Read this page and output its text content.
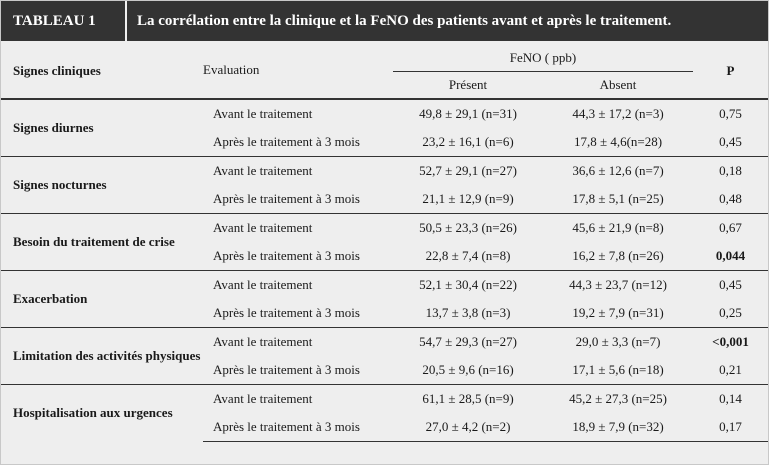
TABLEAU 1	La corrélation entre la clinique et la FeNO des patients avant et après le traitement.
Signes cliniques	Evaluation	FeNO ( ppb)		P
		Présent	Absent	
Signes diurnes	Avant le traitement	49,8 ± 29,1 (n=31)	44,3 ± 17,2 (n=3)	0,75
	Après le traitement à 3 mois	23,2 ± 16,1 (n=6)	17,8 ± 4,6(n=28)	0,45
Signes nocturnes	Avant le traitement	52,7 ± 29,1 (n=27)	36,6 ± 12,6 (n=7)	0,18
	Après le traitement à 3 mois	21,1 ± 12,9 (n=9)	17,8 ± 5,1 (n=25)	0,48
Besoin du traitement de crise	Avant le traitement	50,5 ± 23,3 (n=26)	45,6 ± 21,9 (n=8)	0,67
	Après le traitement à 3 mois	22,8 ± 7,4 (n=8)	16,2 ± 7,8 (n=26)	0,044
Exacerbation	Avant le traitement	52,1 ± 30,4 (n=22)	44,3 ± 23,7 (n=12)	0,45
	Après le traitement à 3 mois	13,7 ± 3,8 (n=3)	19,2 ± 7,9 (n=31)	0,25
Limitation des activités physiques	Avant le traitement	54,7 ± 29,3 (n=27)	29,0 ± 3,3 (n=7)	<0,001
	Après le traitement à 3 mois	20,5 ± 9,6 (n=16)	17,1 ± 5,6 (n=18)	0,21
Hospitalisation aux urgences	Avant le traitement	61,1 ± 28,5 (n=9)	45,2 ± 27,3 (n=25)	0,14
	Après le traitement à 3 mois	27,0 ± 4,2 (n=2)	18,9 ± 7,9 (n=32)	0,17
